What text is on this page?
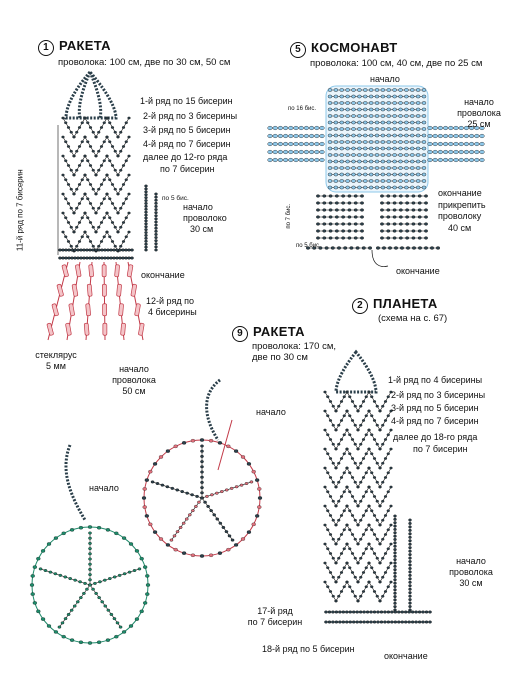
1 РАКЕТА
проволока: 100 см, две по 30 см, 50 см
1-й ряд по 15 бисерин
2-й ряд по 3 бисерины
3-й ряд по 5 бисерин
4-й ряд по 7 бисерин
далее до 12-го ряда
по 7 бисерин
начало
проволоко
30 см
окончание
12-й ряд по
4 бисерины
стеклярус
5 мм	начало
проволока
50 см
11-й ряд по 7 бисерин	по 5 бис.
5 КОСМОНАВТ
проволока: 100 см, 40 см, две по 25 см
начало
начало
проволока
25 см
окончание
прикрепить
проволоку
40 см
окончание
по 16 бис.
по 7 бис.
по 5 бис.
2 ПЛАНЕТА
(схема на с. 67)
1-й ряд по 4 бисерины
2-й ряд по 3 бисерины
3-й ряд по 5 бисерин
4-й ряд по 7 бисерин
далее до 18-го ряда
по 7 бисерин
начало
проволока
30 см
17-й ряд
по 7 бисерин
18-й ряд по 5 бисерин
окончание
9 РАКЕТА
проволока: 170 см,
две по 30 см
начало
начало
